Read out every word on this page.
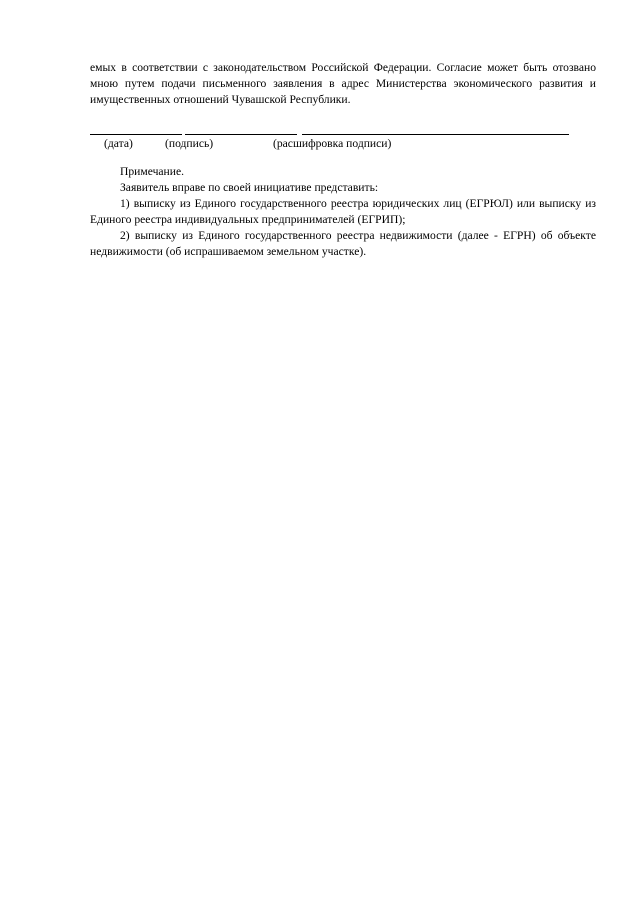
емых в соответствии с законодательством Российской Федерации. Согласие может быть отозвано мною путем подачи письменного заявления в адрес Министерства экономического развития и имущественных отношений Чувашской Республики.
(дата)	(подпись)	(расшифровка подписи)
Примечание.
Заявитель вправе по своей инициативе представить:
1) выписку из Единого государственного реестра юридических лиц (ЕГРЮЛ) или выписку из Единого реестра индивидуальных предпринимателей (ЕГРИП);
2) выписку из Единого государственного реестра недвижимости (далее - ЕГРН) об объекте недвижимости (об испрашиваемом земельном участке).
